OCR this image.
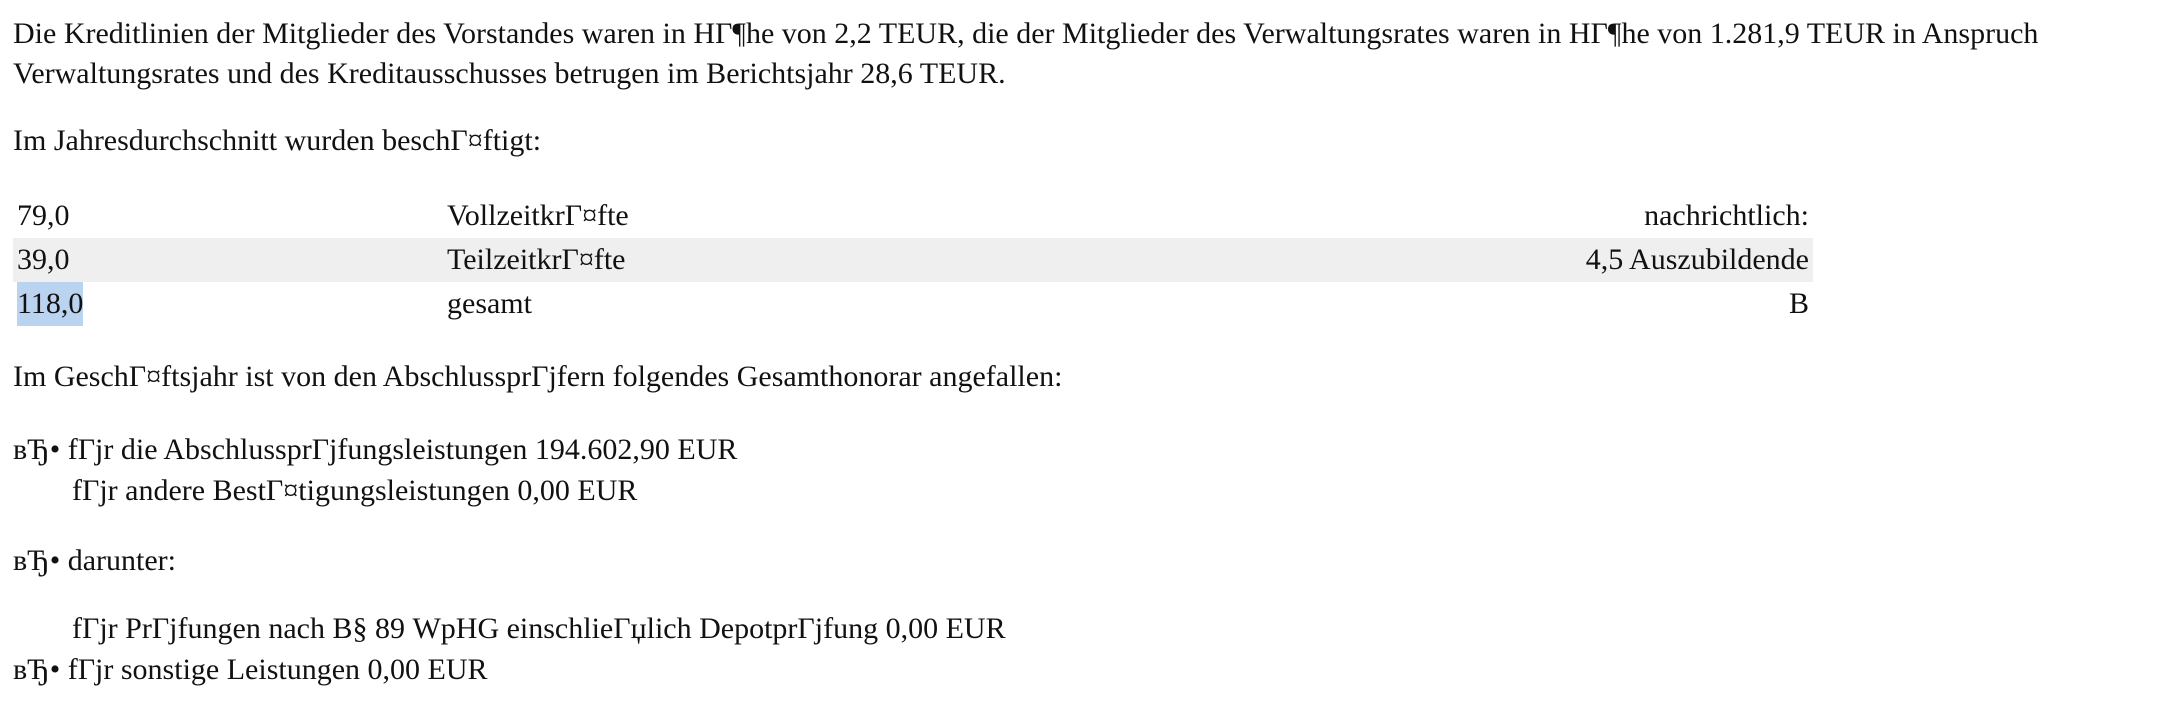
Die Kreditlinien der Mitglieder des Vorstandes waren in HГ¶he von 2,2 TEUR, die der Mitglieder des Verwaltungsrates waren in HГ¶he von 1.281,9 TEUR in Anspruch
Verwaltungsrates und des Kreditausschusses betrugen im Berichtsjahr 28,6 TEUR.

Im Jahresdurchschnitt wurden beschГ¤ftigt:

79,0	VollzeitkrГ¤fte	nachrichtlich:
39,0	TeilzeitkrГ¤fte	4,5 Auszubildende
118,0	gesamt	B

Im GeschГ¤ftsjahr ist von den AbschlussprГјfern folgendes Gesamthonorar angefallen:

вЂ• fГјr die AbschlussprГјfungsleistungen 194.602,90 EUR
fГјr andere BestГ¤tigungsleistungen 0,00 EUR
вЂ• darunter:
fГјr PrГјfungen nach В§ 89 WpHG einschlieГџlich DepotprГјfung 0,00 EUR
вЂ• fГјr sonstige Leistungen 0,00 EUR
